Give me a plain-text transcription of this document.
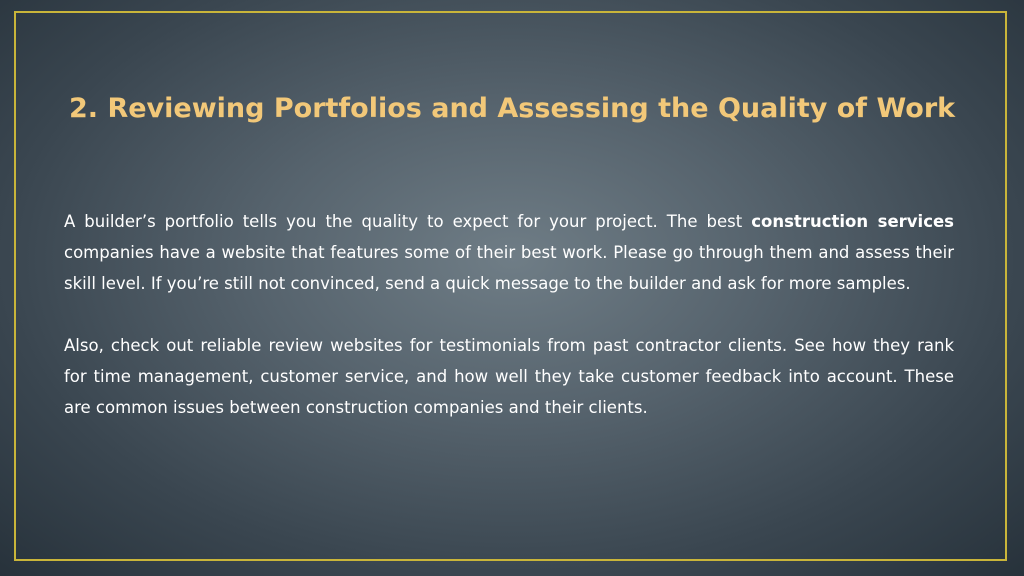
2. Reviewing Portfolios and Assessing the Quality of Work

A builder’s portfolio tells you the quality to expect for your project. The best construction services companies have a website that features some of their best work. Please go through them and assess their skill level. If you’re still not convinced, send a quick message to the builder and ask for more samples.

Also, check out reliable review websites for testimonials from past contractor clients. See how they rank for time management, customer service, and how well they take customer feedback into account. These are common issues between construction companies and their clients.
